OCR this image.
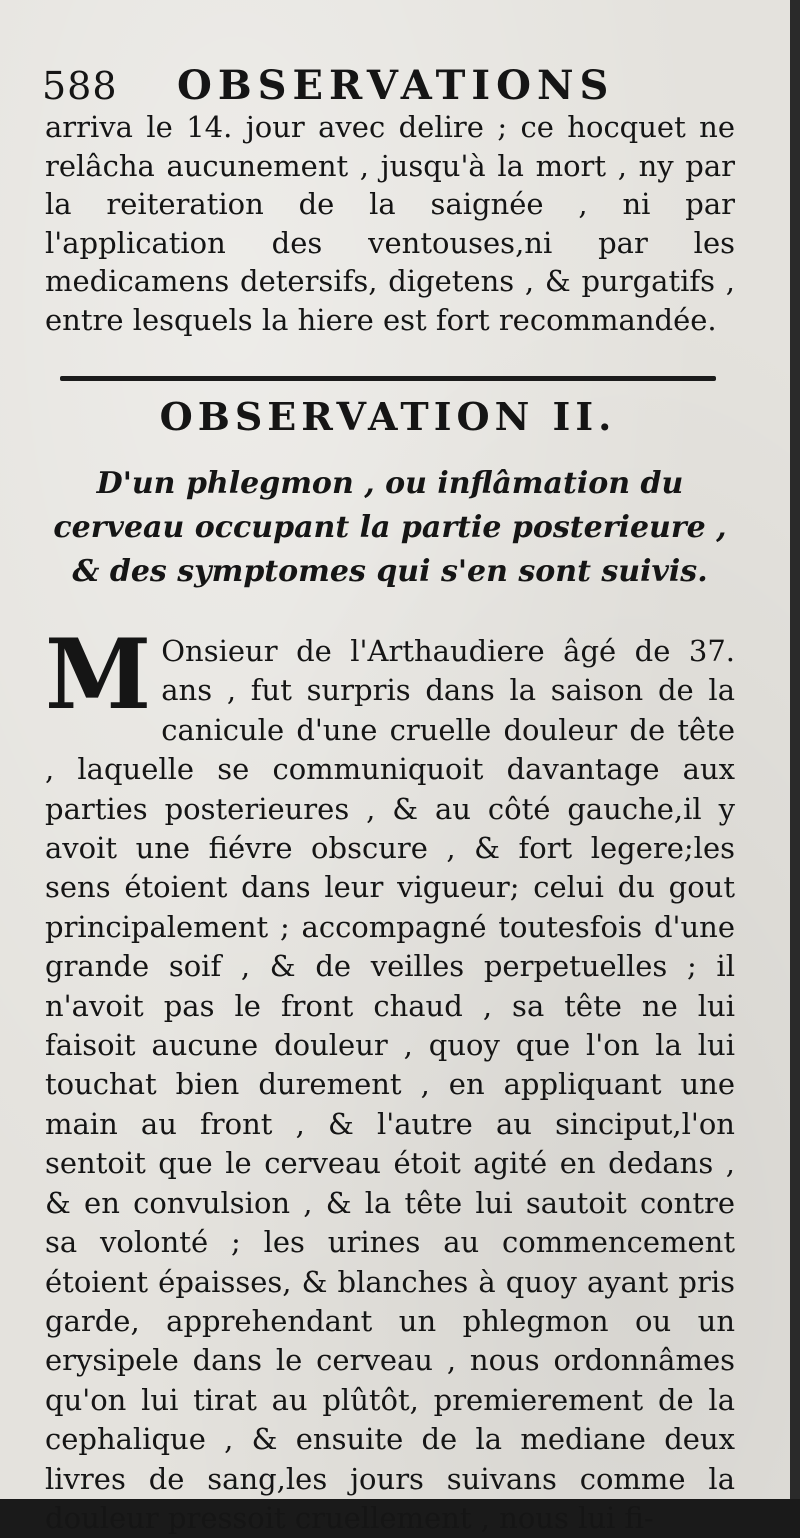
588 OBSERVATIONS
arriva le 14. jour avec delire ; ce hocquet ne relâcha aucunement , jusqu'à la mort , ny par la reiteration de la saignée , ni par l'application des ventouses,ni par les medicamens detersifs, digetens , & purgatifs , entre lesquels la hiere est fort recommandée.
OBSERVATION II.
D'un phlegmon , ou inflâmation du cerveau occupant la partie posterieure , & des symptomes qui s'en sont suivis.
M Onsieur de l'Arthaudiere âgé de 37. ans , fut surpris dans la saison de la canicule d'une cruelle douleur de tête , laquelle se communiquoit davantage aux parties posterieures , & au côté gauche,il y avoit une fiévre obscure , & fort legere;les sens étoient dans leur vigueur; celui du gout principalement ; accompagné toutesfois d'une grande soif , & de veilles perpetuelles ; il n'avoit pas le front chaud , sa tête ne lui faisoit aucune douleur , quoy que l'on la lui touchat bien durement , en appliquant une main au front , & l'autre au sinciput,l'on sentoit que le cerveau étoit agité en dedans , & en convulsion , & la tête lui sautoit contre sa volonté ; les urines au commencement étoient épaisses, & blanches à quoy ayant pris garde, apprehendant un phlegmon ou un erysipele dans le cerveau , nous ordonnâmes qu'on lui tirat au plûtôt, premierement de la cephalique , & ensuite de la mediane deux livres de sang,les jours suivans comme la douleur pressoit cruellement , nous lui fi-
